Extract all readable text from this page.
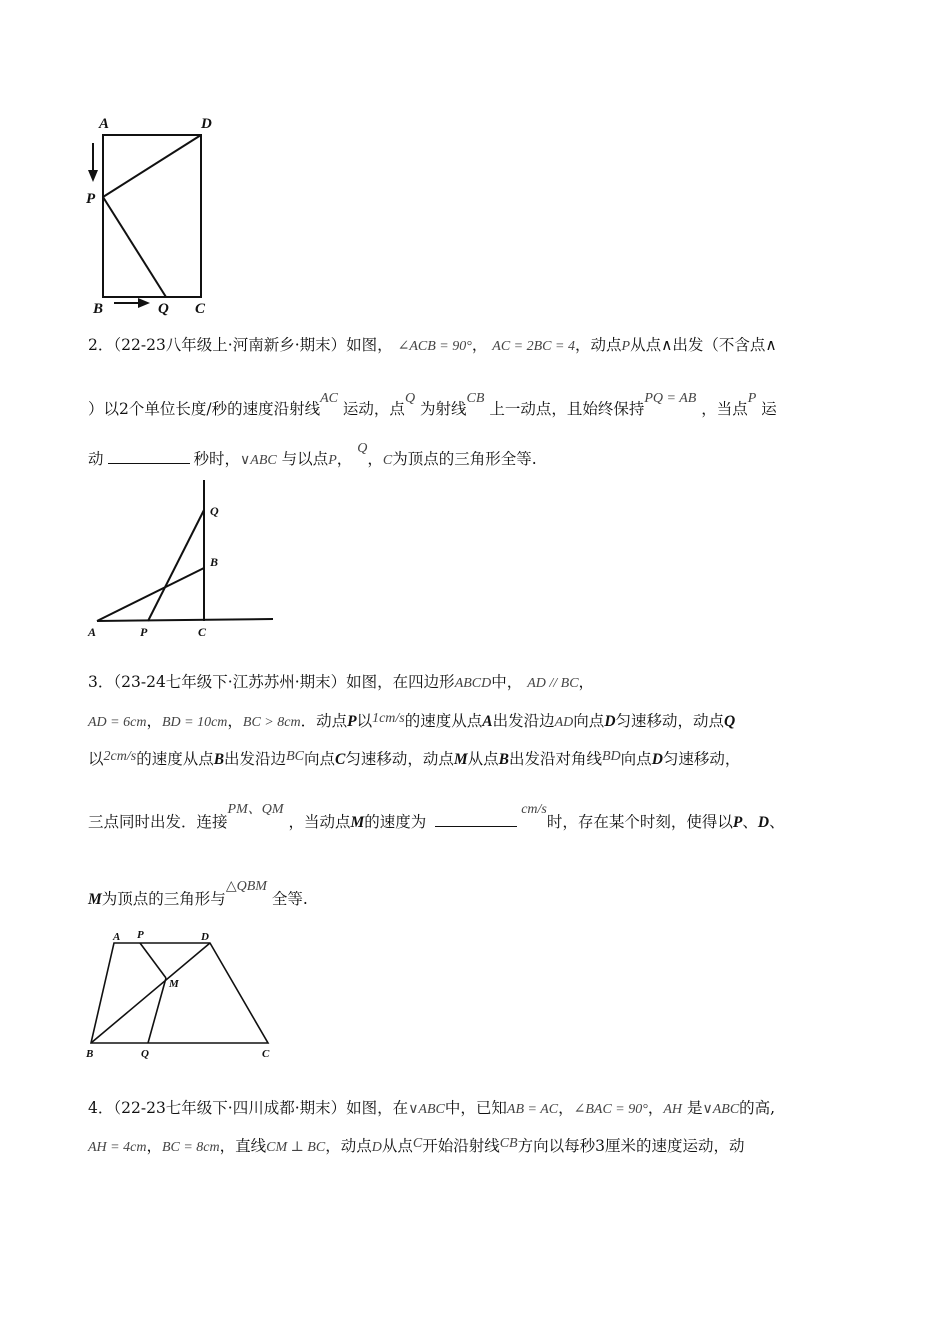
A	D
P
B	Q C
Q
B
A	P	C
A P	D
M
B	Q	C
2．（22-23八年级上·河南新乡·期末）如图， ∠ACB = 90°， AC = 2BC = 4，动点P从点∧出发（不含点∧
）以2个单位长度/秒的速度沿射线AC 运动，点Q 为射线CB 上一动点，且始终保持PQ = AB ，当点P 运
动	秒时，∨ABC 与以点P， Q，C为顶点的三角形全等.
3．（23-24七年级下·江苏苏州·期末）如图，在四边形ABCD中， AD // BC，
AD = 6cm，BD = 10cm，BC > 8cm．动点P以1cm/s的速度从点A出发沿边AD向点D匀速移动，动点Q
以2cm/s的速度从点B出发沿边BC向点C匀速移动，动点M从点B出发沿对角线BD向点D匀速移动，
三点同时出发．连接PM、QM ，当动点M的速度为 cm/s时，存在某个时刻，使得以P、D、
M为顶点的三角形与△QBM 全等.
4．（22-23七年级下·四川成都·期末）如图，在∨ABC中，已知AB = AC，∠BAC = 90°，AH 是∨ABC的高,
AH = 4cm，BC = 8cm，直线CM ⊥ BC，动点D从点C开始沿射线CB方向以每秒3厘米的速度运动，动
